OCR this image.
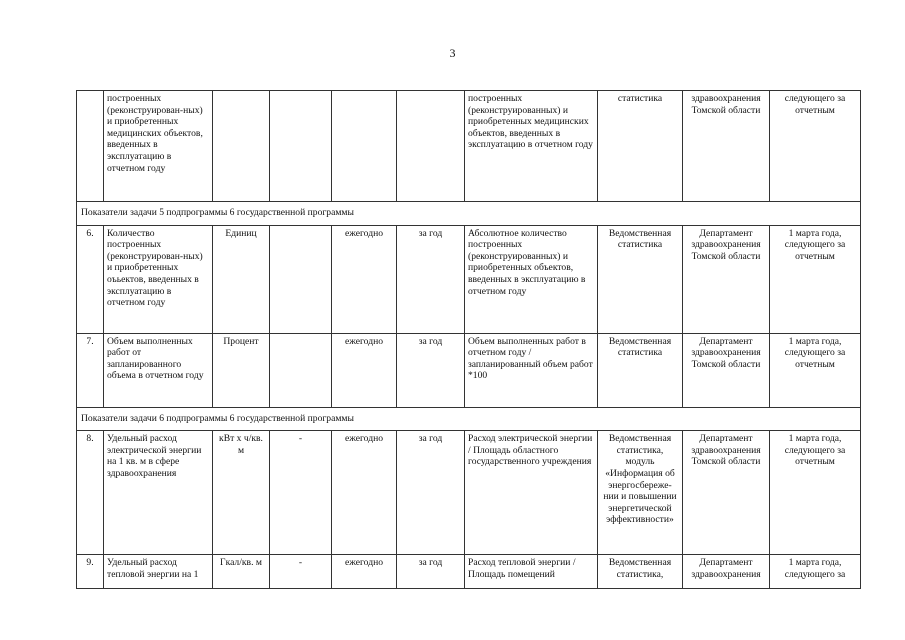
3
	построенных (реконструирован-ных) и приобретенных медицинских объектов, введенных в эксплуатацию в отчетном году					построенных (реконструированных) и приобретенных медицинских объектов, введенных в эксплуатацию в отчетном году	статистика	здравоохранения Томской области	следующего за отчетным
Показатели задачи 5 подпрограммы 6 государственной программы									
6.	Количество построенных (реконструирован-ных) и приобретенных оъьектов, введенных в эксплуатацию в отчетном году	Единиц		ежегодно	за год	Абсолютное количество построенных (реконструированных) и приобретенных объектов, введенных в эксплуатацию в отчетном году	Ведомственная статистика	Департамент здравоохранения Томской области	1 марта года, следующего за отчетным
7.	Объем выполненных работ от запланированного объема в отчетном году	Процент		ежегодно	за год	Объем выполненных работ в отчетном году / запланированный объем работ *100	Ведомственная статистика	Департамент здравоохранения Томской области	1 марта года, следующего за отчетным
Показатели задачи 6 подпрограммы 6 государственной программы									
8.	Удельный расход электрической энергии на 1 кв. м в сфере здравоохранения	кВт х ч/кв. м	-	ежегодно	за год	Расход электрической энергии / Площадь областного государственного учреждения	Ведомственная статистика, модуль «Информация об энергосбереже-нии и повышении энергетической эффективности»	Департамент здравоохранения Томской области	1 марта года, следующего за отчетным
9.	Удельный расход тепловой энергии на 1	Гкал/кв. м	-	ежегодно	за год	Расход тепловой энергии / Площадь помещений	Ведомственная статистика,	Департамент здравоохранения	1 марта года, следующего за
